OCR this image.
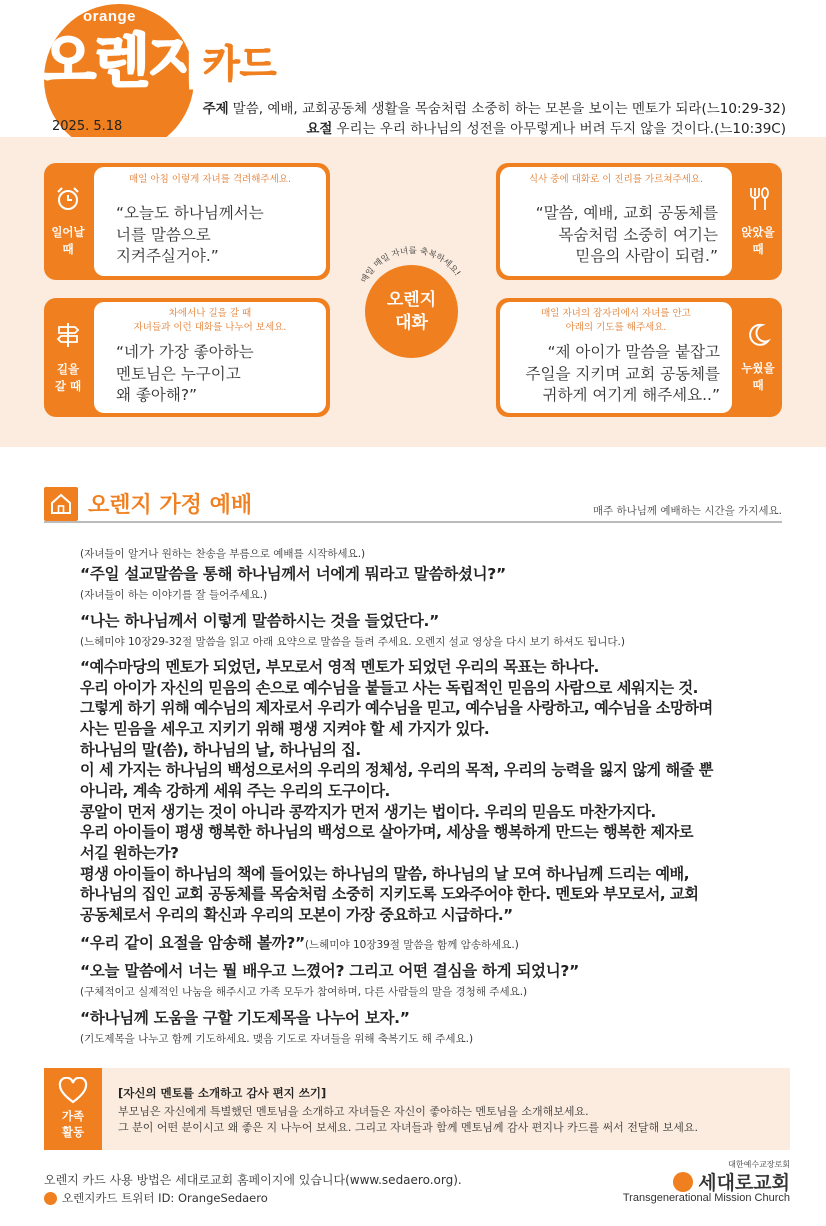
orange
오렌지 카드
2025. 5.18
주제 말씀, 예배, 교회공동체 생활을 목숨처럼 소중히 하는 모본을 보이는 멘토가 되라(느10:29-32)
요절 우리는 우리 하나님의 성전을 아무렇게나 버려 두지 않을 것이다.(느10:39C)
일어날 때
매일 아침 이렇게 자녀를 격려해주세요.
“오늘도 하나님께서는
너를 말씀으로
지켜주실거야.”
식사 중에 대화로 이 진리를 가르쳐주세요.
“말씀, 예배, 교회 공동체를
목숨처럼 소중히 여기는
믿음의 사람이 되렴.”
앉았을 때
길을 갈 때
차에서나 길을 갈 때
자녀들과 이런 대화를 나누어 보세요.
“네가 가장 좋아하는
멘토님은 누구이고
왜 좋아해?”
매일 자녀의 잠자리에서 자녀를 안고
아래의 기도를 해주세요.
“제 아이가 말씀을 붙잡고
주일을 지키며 교회 공동체를
귀하게 여기게 해주세요..”
누웠을 때
매일 매일 자녀를 축복하세요!
오렌지
대화
오렌지 가정 예배	매주 하나님께 예배하는 시간을 가지세요.

(자녀들이 알거나 원하는 찬송을 부름으로 예배를 시작하세요.)

“주일 설교말씀을 통해 하나님께서 너에게 뭐라고 말씀하셨니?”

(자녀들이 하는 이야기를 잘 들어주세요.)

“나는 하나님께서 이렇게 말씀하시는 것을 들었단다.”

(느헤미야 10장29-32절 말씀을 읽고 아래 요약으로 말씀을 들려 주세요. 오렌지 설교 영상을 다시 보기 하셔도 됩니다.)

“예수마당의 멘토가 되었던, 부모로서 영적 멘토가 되었던 우리의 목표는 하나다.

우리 아이가 자신의 믿음의 손으로 예수님을 붙들고 사는 독립적인 믿음의 사람으로 세워지는 것.

그렇게 하기 위해 예수님의 제자로서 우리가 예수님을 믿고, 예수님을 사랑하고, 예수님을 소망하며

사는 믿음을 세우고 지키기 위해 평생 지켜야 할 세 가지가 있다.

하나님의 말(씀), 하나님의 날, 하나님의 집.

이 세 가지는 하나님의 백성으로서의 우리의 정체성, 우리의 목적, 우리의 능력을 잃지 않게 해줄 뿐

아니라, 계속 강하게 세워 주는 우리의 도구이다.

콩알이 먼저 생기는 것이 아니라 콩깍지가 먼저 생기는 법이다. 우리의 믿음도 마찬가지다.

우리 아이들이 평생 행복한 하나님의 백성으로 살아가며, 세상을 행복하게 만드는 행복한 제자로

서길 원하는가?

평생 아이들이 하나님의 책에 들어있는 하나님의 말씀, 하나님의 날 모여 하나님께 드리는 예배,

하나님의 집인 교회 공동체를 목숨처럼 소중히 지키도록 도와주어야 한다. 멘토와 부모로서, 교회

공동체로서 우리의 확신과 우리의 모본이 가장 중요하고 시급하다.”

“우리 같이 요절을 암송해 볼까?”(느헤미야 10장39절 말씀을 함께 암송하세요.)

“오늘 말씀에서 너는 뭘 배우고 느꼈어? 그리고 어떤 결심을 하게 되었니?”

(구체적이고 실제적인 나눔을 해주시고 가족 모두가 참여하며, 다른 사람들의 말을 경청해 주세요.)

“하나님께 도움을 구할 기도제목을 나누어 보자.”

(기도제목을 나누고 함께 기도하세요. 맺음 기도로 자녀들을 위해 축복기도 해 주세요.)

가족
활동
[자신의 멘토를 소개하고 감사 편지 쓰기]
부모님은 자신에게 특별했던 멘토님을 소개하고 자녀들은 자신이 좋아하는 멘토님을 소개해보세요.
그 분이 어떤 분이시고 왜 좋은 지 나누어 보세요. 그리고 자녀들과 함께 멘토님께 감사 편지나 카드를 써서 전달해 보세요.
오렌지 카드 사용 방법은 세대로교회 홈페이지에 있습니다(www.sedaero.org).
오렌지카드 트위터 ID: OrangeSedaero
대한예수교장로회
세대로교회
Transgenerational Mission Church
